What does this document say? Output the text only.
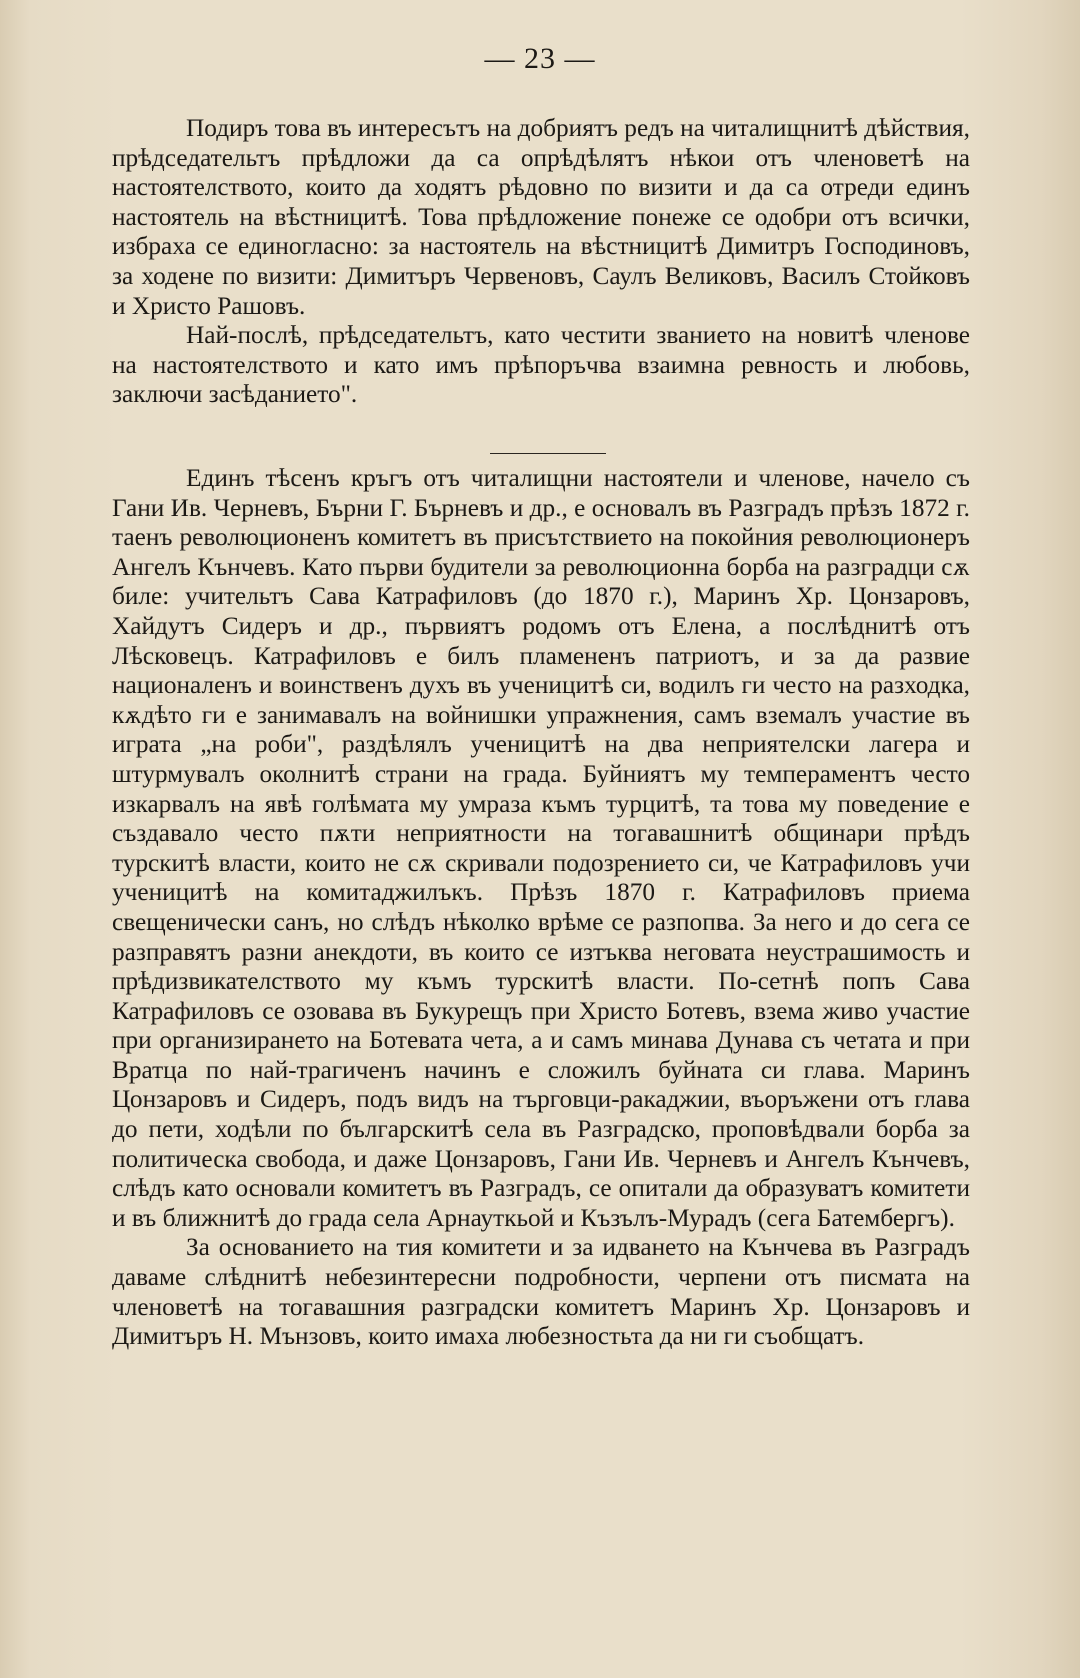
— 23 —

Подиръ това въ интересътъ на добриятъ редъ на читалищнитѣ дѣйствия, прѣдседательтъ прѣдложи да са опрѣдѣлятъ нѣкои отъ членоветѣ на настоятелството, които да ходятъ рѣдовно по визити и да са отреди единъ настоятель на вѣстницитѣ. Това прѣдложение понеже се одобри отъ всички, избраха се единогласно: за настоятель на вѣстницитѣ Димитръ Господиновъ, за ходене по визити: Димитъръ Червеновъ, Саулъ Великовъ, Василъ Стойковъ и Христо Рашовъ.

Най-послѣ, прѣдседательтъ, като честити званието на новитѣ членове на настоятелството и като имъ прѣпоръчва взаимна ревность и любовь, заключи засѣданието".

Единъ тѣсенъ кръгъ отъ читалищни настоятели и членове, начело съ Гани Ив. Черневъ, Бърни Г. Бърневъ и др., е основалъ въ Разградъ прѣзъ 1872 г. таенъ революционенъ комитетъ въ присътствието на покойния революционеръ Ангелъ Кънчевъ. Като първи будители за революционна борба на разградци сѫ биле: учительтъ Сава Катрафиловъ (до 1870 г.), Маринъ Хр. Цонзаровъ, Хайдутъ Сидеръ и др., първиятъ родомъ отъ Елена, а послѣднитѣ отъ Лѣсковецъ. Катрафиловъ е билъ пламененъ патриотъ, и за да развие националенъ и воинственъ духъ въ ученицитѣ си, водилъ ги често на разходка, кѫдѣто ги е занимавалъ на войнишки упражнения, самъ вземалъ участие въ играта „на роби", раздѣлялъ ученицитѣ на два неприятелски лагера и штурмувалъ околнитѣ страни на града. Буйниятъ му темпераментъ често изкарвалъ на явѣ голѣмата му умраза къмъ турцитѣ, та това му поведение е създавало често пѫти неприятности на тогавашнитѣ общинари прѣдъ турскитѣ власти, които не сѫ скривали подозрението си, че Катрафиловъ учи ученицитѣ на комитаджилъкъ. Прѣзъ 1870 г. Катрафиловъ приема свещенически санъ, но слѣдъ нѣколко врѣме се разпопва. За него и до сега се разправятъ разни анекдоти, въ които се изтъква неговата неустрашимость и прѣдизвикателството му къмъ турскитѣ власти. По-сетнѣ попъ Сава Катрафиловъ се озовава въ Букурещъ при Христо Ботевъ, взема живо участие при организирането на Ботевата чета, а и самъ минава Дунава съ четата и при Вратца по най-трагиченъ начинъ е сложилъ буйната си глава. Маринъ Цонзаровъ и Сидеръ, подъ видъ на търговци-ракаджии, въоръжени отъ глава до пети, ходѣли по българскитѣ села въ Разградско, проповѣдвали борба за политическа свобода, и даже Цонзаровъ, Гани Ив. Черневъ и Ангелъ Кънчевъ, слѣдъ като основали комитетъ въ Разградъ, се опитали да образуватъ комитети и въ ближнитѣ до града села Арнауткьой и Къзълъ-Мурадъ (сега Батембергъ).

За основанието на тия комитети и за идването на Кънчева въ Разградъ даваме слѣднитѣ небезинтересни подробности, черпени отъ писмата на членоветѣ на тогавашния разградски комитетъ Маринъ Хр. Цонзаровъ и Димитъръ Н. Мънзовъ, които имаха любезностьта да ни ги съобщатъ.
